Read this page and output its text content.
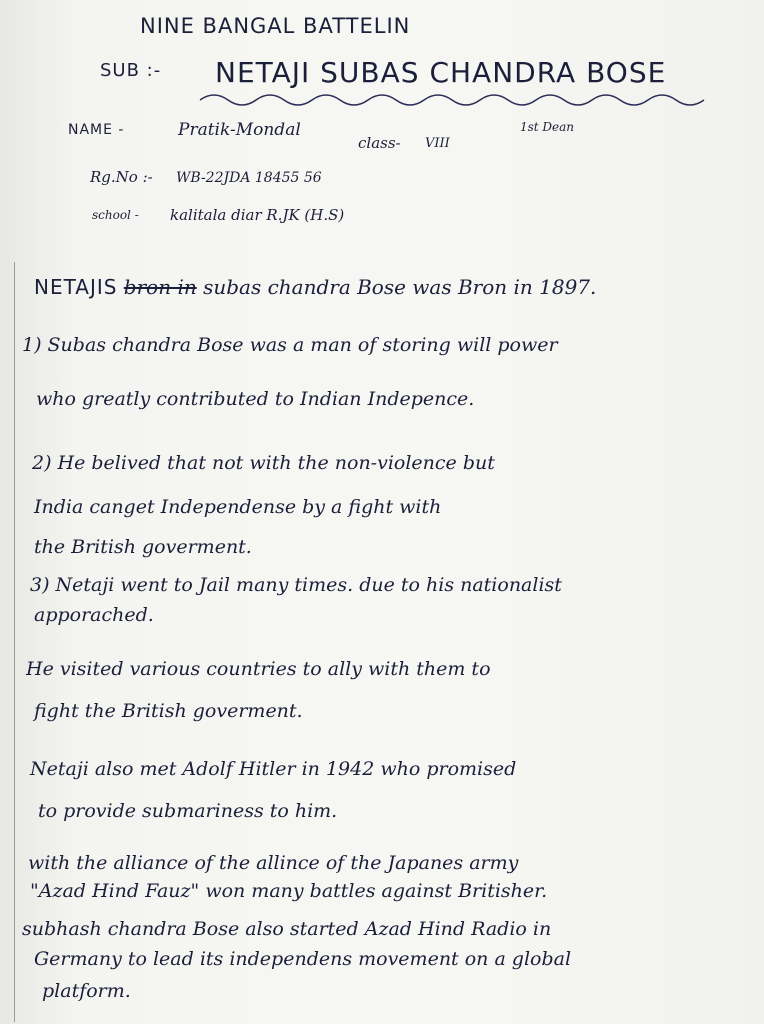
NINE BANGAL BATTELIN
SUB :- NETAJI SUBAS CHANDRA BOSE
NAME -	Pratik-Mondal
class- VIII
1st Dean
Rg.No :- WB-22JDA 18455 56
school - kalitala diar R.JK (H.S)
NETAJIS bron in subas chandra Bose was Bron in 1897.
1) Subas chandra Bose was a man of storing will power
who greatly contributed to Indian Indepence.
2) He belived that not with the non-violence but
India canget Independense by a fight with
the British goverment.
3) Netaji went to Jail many times. due to his nationalist
apporached.
He visited various countries to ally with them to
fight the British goverment.
Netaji also met Adolf Hitler in 1942 who promised
to provide submariness to him.
with the alliance of the allince of the Japanes army
"Azad Hind Fauz" won many battles against Britisher.
subhash chandra Bose also started Azad Hind Radio in
Germany to lead its independens movement on a global
platform.
